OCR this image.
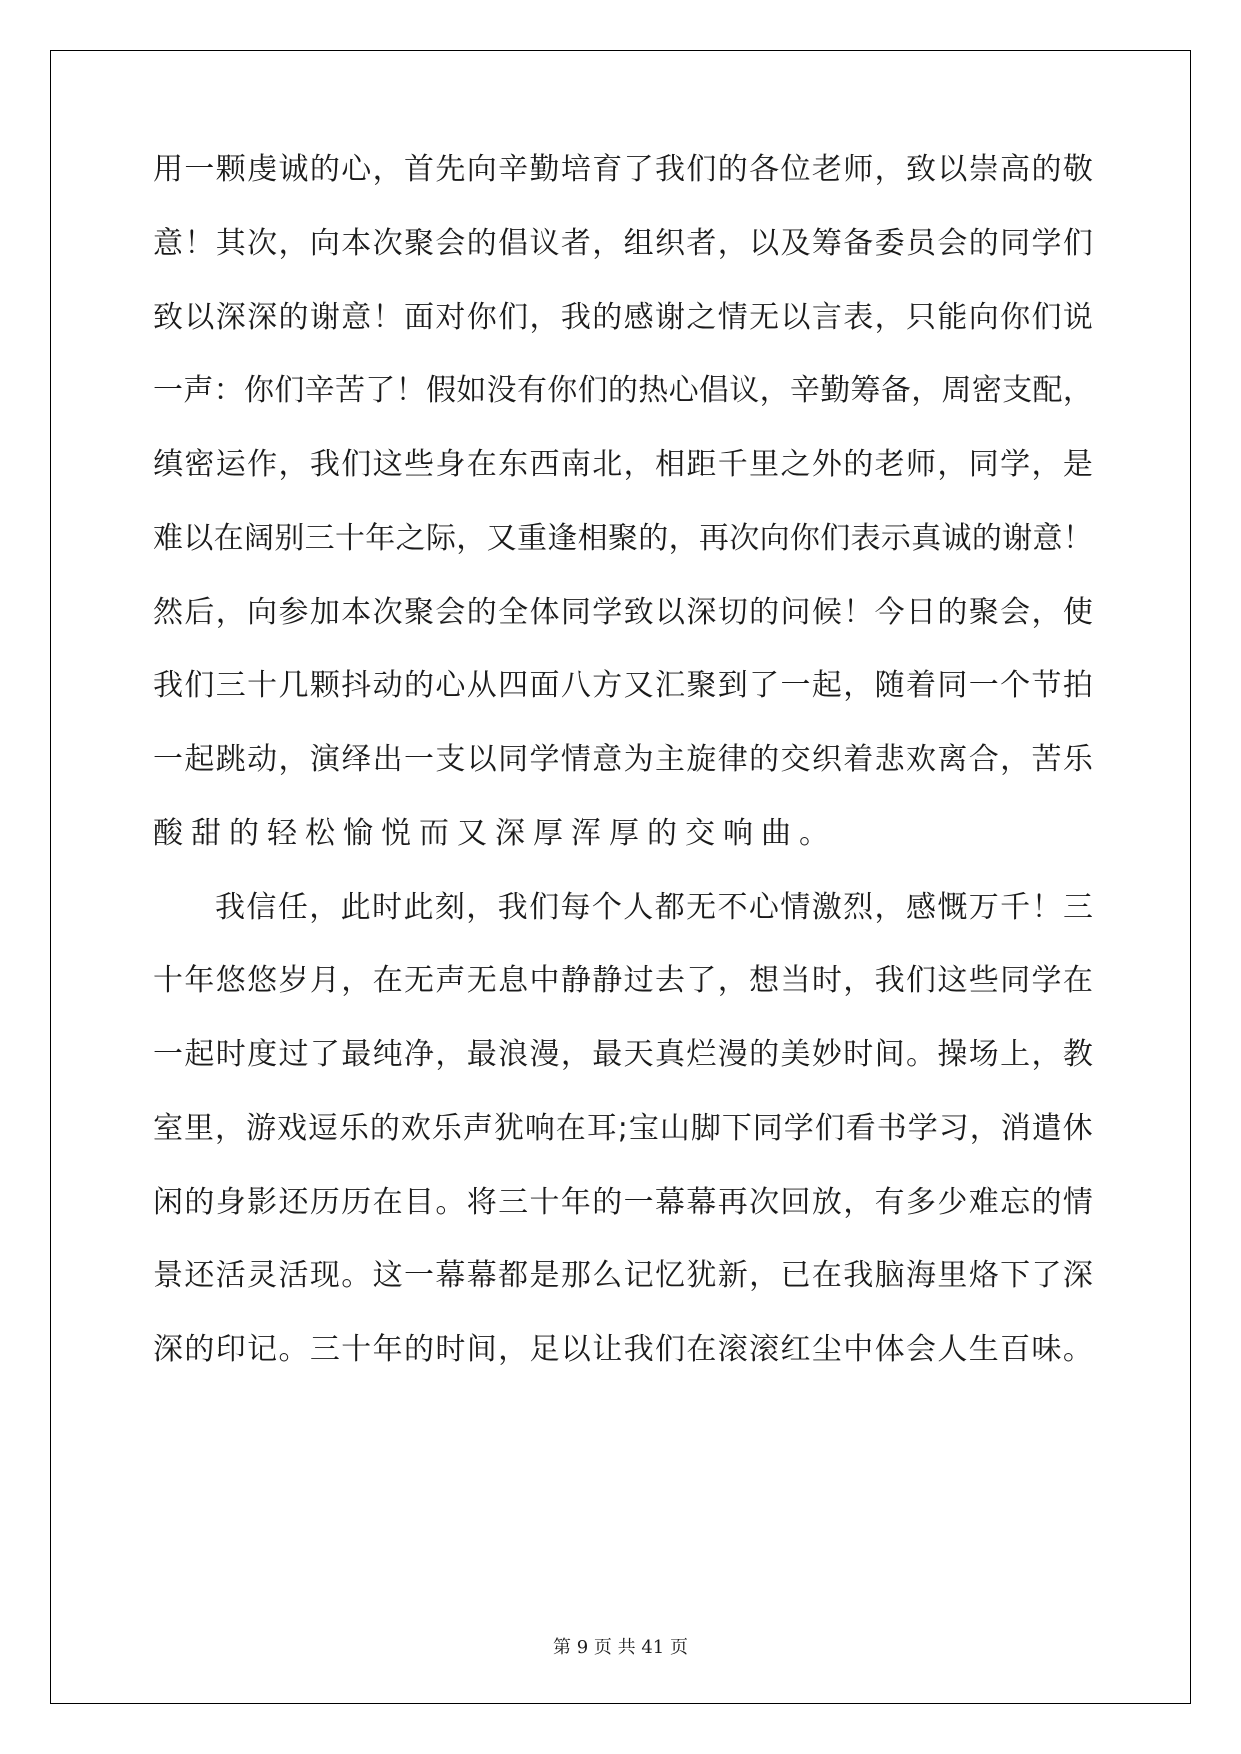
用 一 颗 虔 诚 的 心 ， 首 先 向 辛 勤 培 育 了 我 们 的 各 位 老 师 ， 致 以 崇 高 的 敬
意 ！ 其 次 ， 向 本 次 聚 会 的 倡 议 者 ， 组 织 者 ， 以 及 筹 备 委 员 会 的 同 学 们
致 以 深 深 的 谢 意 ！ 面 对 你 们 ， 我 的 感 谢 之 情 无 以 言 表 ， 只 能 向 你 们 说
一 声 ： 你 们 辛 苦 了 ！ 假 如 没 有 你 们 的 热 心 倡 议 ， 辛 勤 筹 备 ， 周 密 支 配 ，
缜 密 运 作 ， 我 们 这 些 身 在 东 西 南 北 ， 相 距 千 里 之 外 的 老 师 ， 同 学 ， 是
难 以 在 阔 别 三 十 年 之 际 ， 又 重 逢 相 聚 的 ， 再 次 向 你 们 表 示 真 诚 的 谢 意 ！
然 后 ， 向 参 加 本 次 聚 会 的 全 体 同 学 致 以 深 切 的 问 候 ！ 今 日 的 聚 会 ， 使
我 们 三 十 几 颗 抖 动 的 心 从 四 面 八 方 又 汇 聚 到 了 一 起 ， 随 着 同 一 个 节 拍
一 起 跳 动 ， 演 绎 出 一 支 以 同 学 情 意 为 主 旋 律 的 交 织 着 悲 欢 离 合 ， 苦 乐
酸甜的轻松愉悦而又深厚浑厚的交响曲。
我 信 任 ， 此 时 此 刻 ， 我 们 每 个 人 都 无 不 心 情 激 烈 ， 感 慨 万 千 ！ 三
十 年 悠 悠 岁 月 ， 在 无 声 无 息 中 静 静 过 去 了 ， 想 当 时 ， 我 们 这 些 同 学 在
一 起 时 度 过 了 最 纯 净 ， 最 浪 漫 ， 最 天 真 烂 漫 的 美 妙 时 间 。 操 场 上 ， 教
室 里 ， 游 戏 逗 乐 的 欢 乐 声 犹 响 在 耳 ; 宝 山 脚 下 同 学 们 看 书 学 习 ， 消 遣 休
闲 的 身 影 还 历 历 在 目 。 将 三 十 年 的 一 幕 幕 再 次 回 放 ， 有 多 少 难 忘 的 情
景 还 活 灵 活 现 。 这 一 幕 幕 都 是 那 么 记 忆 犹 新 ， 已 在 我 脑 海 里 烙 下 了 深
深 的 印 记 。 三 十 年 的 时 间 ， 足 以 让 我 们 在 滚 滚 红 尘 中 体 会 人 生 百 味 。
第 9 页 共 41 页
